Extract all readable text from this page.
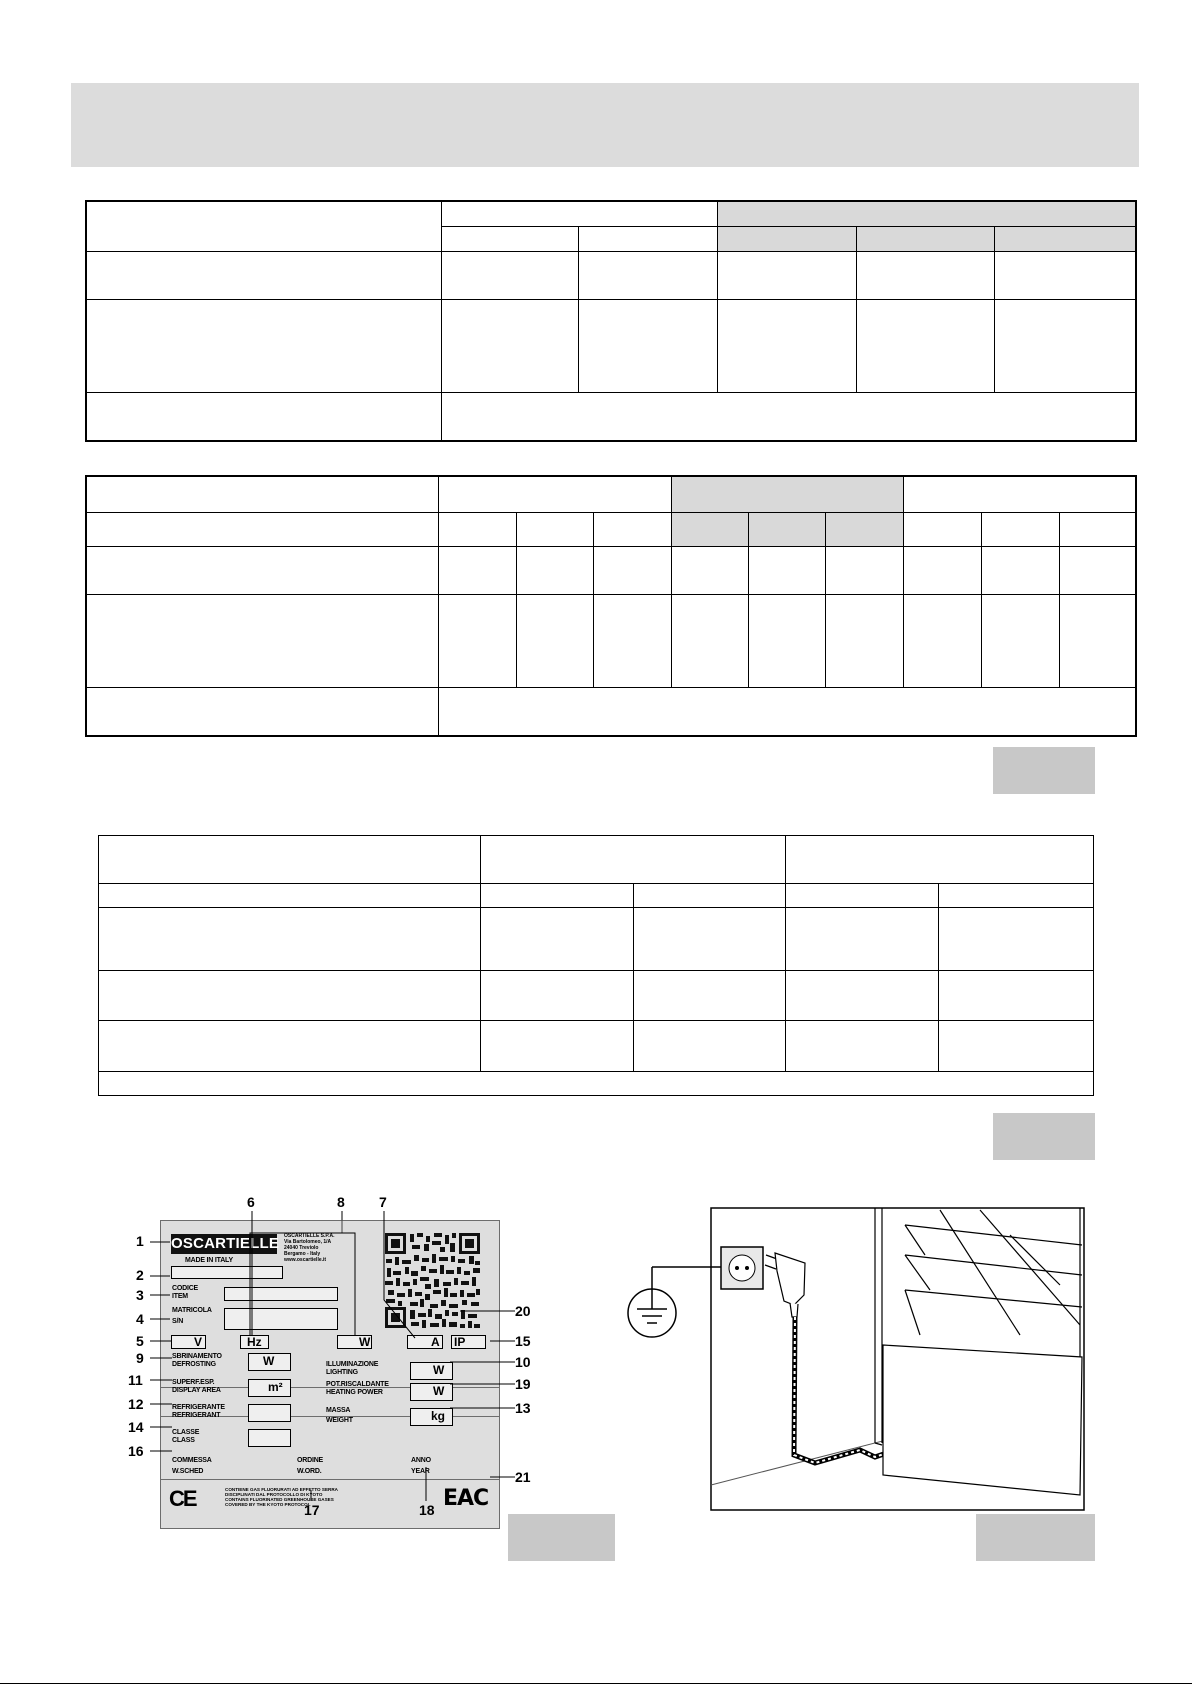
OSCARTIELLE
MADE IN ITALY
OSCARTIELLE S.P.A.
Via Bartolomeo, 1/A
24040 Treviolo
Bergamo - Italy
www.oscartielle.it
CODICE
ITEM
MATRICOLA
S/N
V	Hz	W	A IP
SBRINAMENTO
DEFROSTING	W
SUPERF.ESP.
DISPLAY AREA	m²
REFRIGERANTE
REFRIGERANT
CLASSE
CLASS
ILLUMINAZIONE
LIGHTING	W
POT.RISCALDANTE
HEATING POWER	W
MASSA
WEIGHT	kg
COMMESSA
W.SCHED
ORDINE
W.ORD.
ANNO
YEAR
CE	CONTIENE GAS FLUORURATI AD EFFETTO SERRA
DISCIPLINATI DAL PROTOCOLLO DI KYOTO
CONTAINS FLUORINATED GREENHOUSE GASES
COVERED BY THE KYOTO PROTOCOL	EAC
1
2
3
4
5
6	7
8
9	10
11
12	13
14
15
16
17	18
19
20
21
